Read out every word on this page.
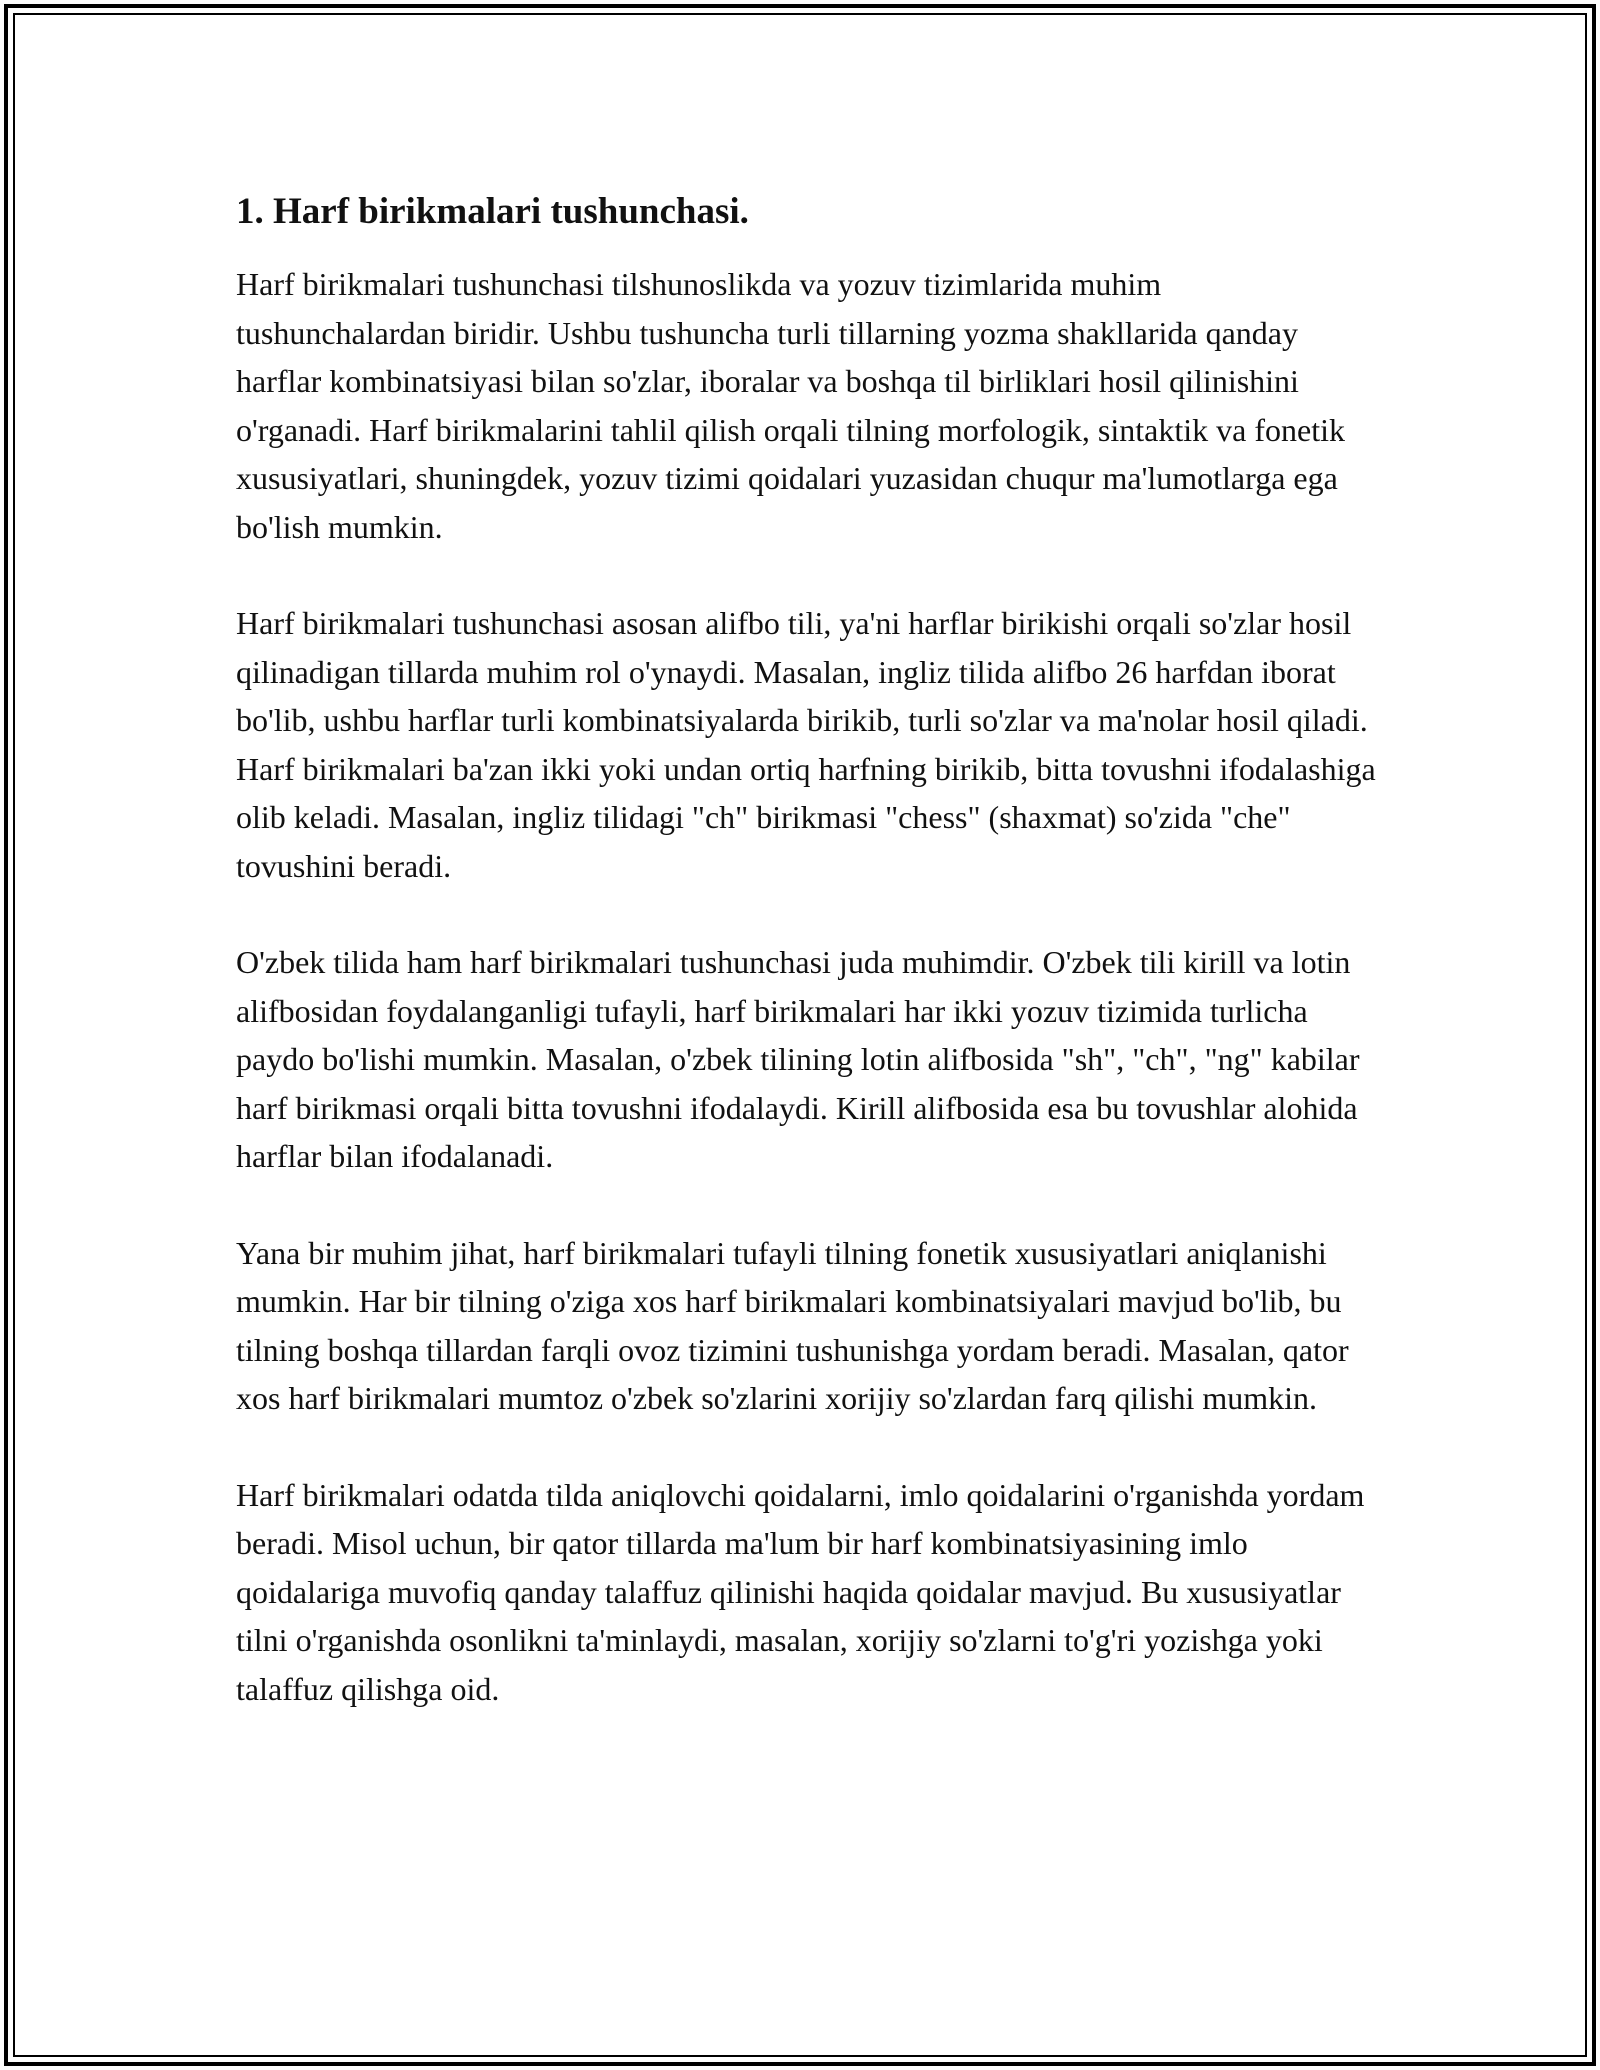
1. Harf birikmalari tushunchasi.

Harf birikmalari tushunchasi tilshunoslikda va yozuv tizimlarida muhim tushunchalardan biridir. Ushbu tushuncha turli tillarning yozma shakllarida qanday harflar kombinatsiyasi bilan so'zlar, iboralar va boshqa til birliklari hosil qilinishini o'rganadi. Harf birikmalarini tahlil qilish orqali tilning morfologik, sintaktik va fonetik xususiyatlari, shuningdek, yozuv tizimi qoidalari yuzasidan chuqur ma'lumotlarga ega bo'lish mumkin.

Harf birikmalari tushunchasi asosan alifbo tili, ya'ni harflar birikishi orqali so'zlar hosil qilinadigan tillarda muhim rol o'ynaydi. Masalan, ingliz tilida alifbo 26 harfdan iborat bo'lib, ushbu harflar turli kombinatsiyalarda birikib, turli so'zlar va ma'nolar hosil qiladi. Harf birikmalari ba'zan ikki yoki undan ortiq harfning birikib, bitta tovushni ifodalashiga olib keladi. Masalan, ingliz tilidagi "ch" birikmasi "chess" (shaxmat) so'zida "che" tovushini beradi.

O'zbek tilida ham harf birikmalari tushunchasi juda muhimdir. O'zbek tili kirill va lotin alifbosidan foydalanganligi tufayli, harf birikmalari har ikki yozuv tizimida turlicha paydo bo'lishi mumkin. Masalan, o'zbek tilining lotin alifbosida "sh", "ch", "ng" kabilar harf birikmasi orqali bitta tovushni ifodalaydi. Kirill alifbosida esa bu tovushlar alohida harflar bilan ifodalanadi.

Yana bir muhim jihat, harf birikmalari tufayli tilning fonetik xususiyatlari aniqlanishi mumkin. Har bir tilning o'ziga xos harf birikmalari kombinatsiyalari mavjud bo'lib, bu tilning boshqa tillardan farqli ovoz tizimini tushunishga yordam beradi. Masalan, qator xos harf birikmalari mumtoz o'zbek so'zlarini xorijiy so'zlardan farq qilishi mumkin.

Harf birikmalari odatda tilda aniqlovchi qoidalarni, imlo qoidalarini o'rganishda yordam beradi. Misol uchun, bir qator tillarda ma'lum bir harf kombinatsiyasining imlo qoidalariga muvofiq qanday talaffuz qilinishi haqida qoidalar mavjud. Bu xususiyatlar tilni o'rganishda osonlikni ta'minlaydi, masalan, xorijiy so'zlarni to'g'ri yozishga yoki talaffuz qilishga oid.
